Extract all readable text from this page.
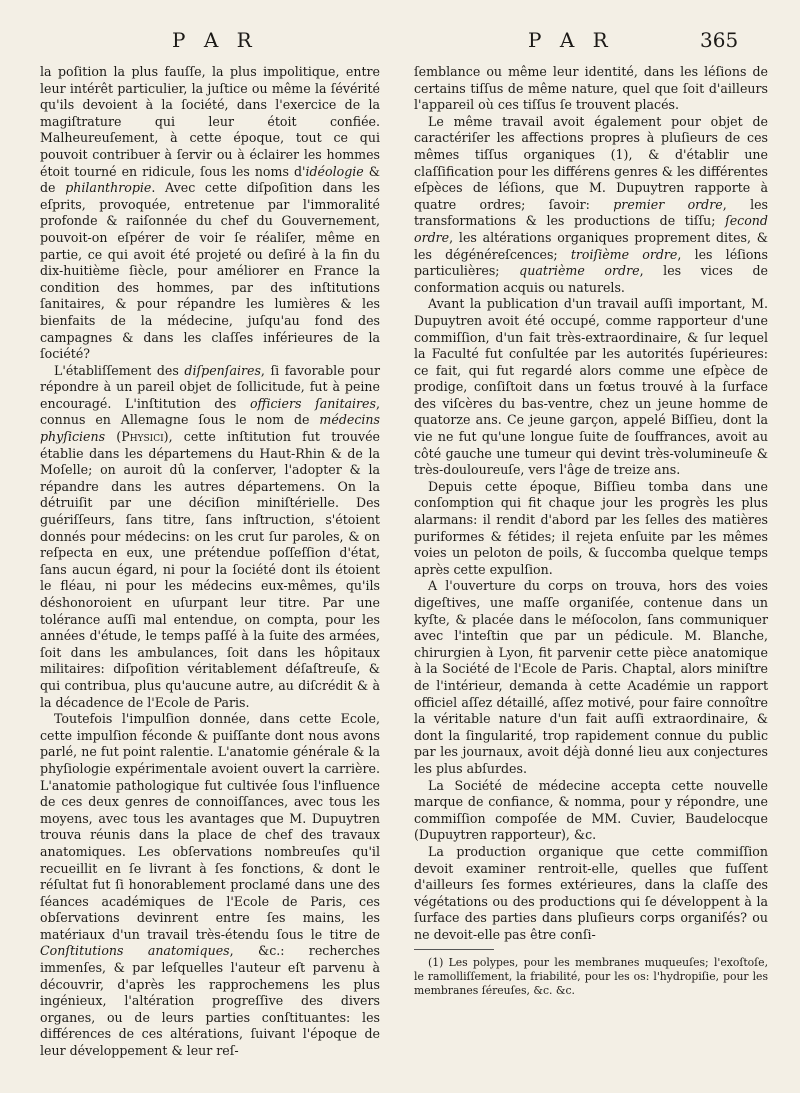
P A R	P A R	365

la poſition la plus fauſſe, la plus impolitique, entre leur intérêt particulier, la juſtice ou même la ſévérité qu'ils devoient à la ſociété, dans l'exercice de la magiſtrature qui leur étoit confiée. Malheureuſement, à cette époque, tout ce qui pouvoit contribuer à ſervir ou à éclairer les hommes étoit tourné en ridicule, ſous les noms d'idéologie & de philanthropie. Avec cette diſpoſition dans les eſprits, provoquée, entretenue par l'immoralité profonde & raiſonnée du chef du Gouvernement, pouvoit-on eſpérer de voir ſe réaliſer, même en partie, ce qui avoit été projeté ou deſiré à la fin du dix-huitième ſiècle, pour améliorer en France la condition des hommes, par des inſtitutions ſanitaires, & pour répandre les lumières & les bienfaits de la médecine, juſqu'au fond des campagnes & dans les claſſes inférieures de la ſociété?

L'établiſſement des diſpenſaires, ſi favorable pour répondre à un pareil objet de ſollicitude, fut à peine encouragé. L'inſtitution des officiers ſanitaires, connus en Allemagne ſous le nom de médecins phyſiciens (Physici), cette inſtitution fut trouvée établie dans les départemens du Haut-Rhin & de la Moſelle; on auroit dû la conſerver, l'adopter & la répandre dans les autres départemens. On la détruiſit par une déciſion miniſtérielle. Des guériſſeurs, ſans titre, ſans inſtruction, s'étoient donnés pour médecins: on les crut ſur paroles, & on reſpecta en eux, une prétendue poſſeſſion d'état, ſans aucun égard, ni pour la ſociété dont ils étoient le fléau, ni pour les médecins eux-mêmes, qu'ils déshonoroient en uſurpant leur titre. Par une tolérance auſſi mal entendue, on compta, pour les années d'étude, le temps paſſé à la ſuite des armées, ſoit dans les ambulances, ſoit dans les hôpitaux militaires: diſpoſition véritablement déſaſtreuſe, & qui contribua, plus qu'aucune autre, au diſcrédit & à la décadence de l'Ecole de Paris.

Toutefois l'impulſion donnée, dans cette Ecole, cette impulſion féconde & puiſſante dont nous avons parlé, ne fut point ralentie. L'anatomie générale & la phyſiologie expérimentale avoient ouvert la carrière. L'anatomie pathologique fut cultivée ſous l'influence de ces deux genres de connoiſſances, avec tous les moyens, avec tous les avantages que M. Dupuytren trouva réunis dans la place de chef des travaux anatomiques. Les obſervations nombreuſes qu'il recueillit en ſe livrant à ſes fonctions, & dont le réſultat fut ſi honorablement proclamé dans une des ſéances académiques de l'Ecole de Paris, ces obſervations devinrent entre ſes mains, les matériaux d'un travail très-étendu ſous le titre de Conſtitutions anatomiques, &c.: recherches immenſes, & par leſquelles l'auteur eſt parvenu à découvrir, d'après les rapprochemens les plus ingénieux, l'altération progreſſive des divers organes, ou de leurs parties conſtituantes: les différences de ces altérations, ſuivant l'époque de leur développement & leur reſ-

ſemblance ou même leur identité, dans les léſions de certains tiſſus de même nature, quel que ſoit d'ailleurs l'appareil où ces tiſſus ſe trouvent placés.

Le même travail avoit également pour objet de caractériſer les affections propres à pluſieurs de ces mêmes tiſſus organiques (1), & d'établir une claſſification pour les différens genres & les différentes eſpèces de léſions, que M. Dupuytren rapporte à quatre ordres; ſavoir: premier ordre, les transformations & les productions de tiſſu; ſecond ordre, les altérations organiques proprement dites, & les dégénéreſcences; troiſième ordre, les léſions particulières; quatrième ordre, les vices de conformation acquis ou naturels.

Avant la publication d'un travail auſſi important, M. Dupuytren avoit été occupé, comme rapporteur d'une commiſſion, d'un fait très-extraordinaire, & ſur lequel la Faculté fut conſultée par les autorités ſupérieures: ce fait, qui fut regardé alors comme une eſpèce de prodige, conſiſtoit dans un fœtus trouvé à la ſurface des viſcères du bas-ventre, chez un jeune homme de quatorze ans. Ce jeune garçon, appelé Biſſieu, dont la vie ne fut qu'une longue ſuite de ſouffrances, avoit au côté gauche une tumeur qui devint très-volumineuſe & très-douloureuſe, vers l'âge de treize ans.

Depuis cette époque, Biſſieu tomba dans une conſomption qui fit chaque jour les progrès les plus alarmans: il rendit d'abord par les ſelles des matières puriformes & fétides; il rejeta enſuite par les mêmes voies un peloton de poils, & ſuccomba quelque temps après cette expulſion.

A l'ouverture du corps on trouva, hors des voies digeſtives, une maſſe organiſée, contenue dans un kyſte, & placée dans le méſocolon, ſans communiquer avec l'inteſtin que par un pédicule. M. Blanche, chirurgien à Lyon, fit parvenir cette pièce anatomique à la Société de l'Ecole de Paris. Chaptal, alors miniſtre de l'intérieur, demanda à cette Académie un rapport officiel aſſez détaillé, aſſez motivé, pour faire connoître la véritable nature d'un fait auſſi extraordinaire, & dont la ſingularité, trop rapidement connue du public par les journaux, avoit déjà donné lieu aux conjectures les plus abſurdes.

La Société de médecine accepta cette nouvelle marque de confiance, & nomma, pour y répondre, une commiſſion compoſée de MM. Cuvier, Baudelocque (Dupuytren rapporteur), &c.

La production organique que cette commiſſion devoit examiner rentroit-elle, quelles que fuſſent d'ailleurs ſes formes extérieures, dans la claſſe des végétations ou des productions qui ſe développent à la ſurface des parties dans pluſieurs corps organiſés? ou ne devoit-elle pas être conſi-

(1) Les polypes, pour les membranes muqueuſes; l'exoſtoſe, le ramolliſſement, la friabilité, pour les os: l'hydropiſie, pour les membranes ſéreuſes, &c. &c.
